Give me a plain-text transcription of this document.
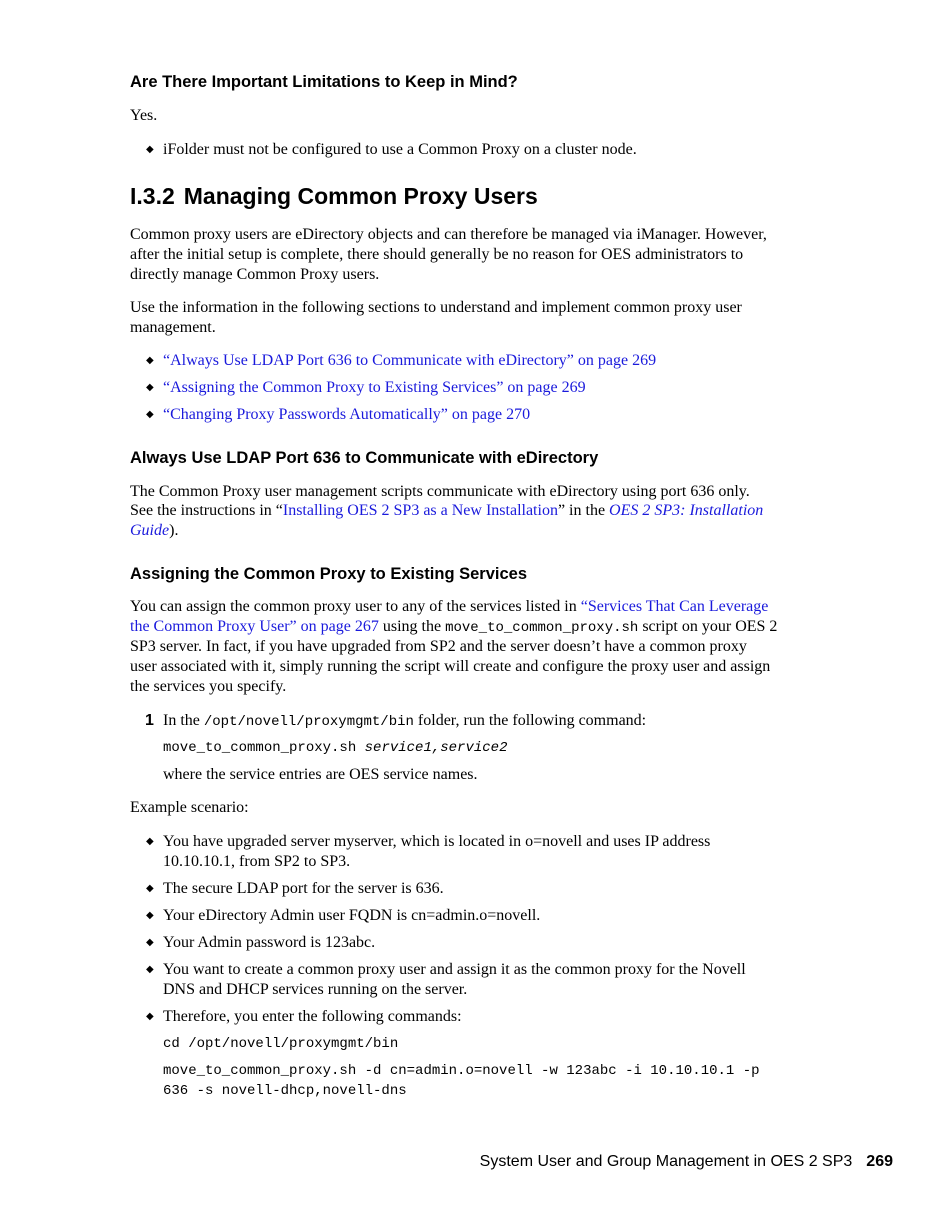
Are There Important Limitations to Keep in Mind?
Yes.
◆ iFolder must not be configured to use a Common Proxy on a cluster node.
I.3.2 Managing Common Proxy Users
Common proxy users are eDirectory objects and can therefore be managed via iManager. However,
after the initial setup is complete, there should generally be no reason for OES administrators to
directly manage Common Proxy users.
Use the information in the following sections to understand and implement common proxy user
management.
◆ “Always Use LDAP Port 636 to Communicate with eDirectory” on page 269
◆ “Assigning the Common Proxy to Existing Services” on page 269
◆ “Changing Proxy Passwords Automatically” on page 270
Always Use LDAP Port 636 to Communicate with eDirectory
The Common Proxy user management scripts communicate with eDirectory using port 636 only.
See the instructions in “Installing OES 2 SP3 as a New Installation” in the OES 2 SP3: Installation
Guide).
Assigning the Common Proxy to Existing Services
You can assign the common proxy user to any of the services listed in “Services That Can Leverage
the Common Proxy User” on page 267 using the move_to_common_proxy.sh script on your OES 2
SP3 server. In fact, if you have upgraded from SP2 and the server doesn’t have a common proxy
user associated with it, simply running the script will create and configure the proxy user and assign
the services you specify.
1 In the /opt/novell/proxymgmt/bin folder, run the following command:
move_to_common_proxy.sh service1,service2
where the service entries are OES service names.
Example scenario:
◆ You have upgraded server myserver, which is located in o=novell and uses IP address
10.10.10.1, from SP2 to SP3.
◆ The secure LDAP port for the server is 636.
◆ Your eDirectory Admin user FQDN is cn=admin.o=novell.
◆ Your Admin password is 123abc.
◆ You want to create a common proxy user and assign it as the common proxy for the Novell
DNS and DHCP services running on the server.
◆ Therefore, you enter the following commands:
cd /opt/novell/proxymgmt/bin
move_to_common_proxy.sh -d cn=admin.o=novell -w 123abc -i 10.10.10.1 -p
636 -s novell-dhcp,novell-dns
System User and Group Management in OES 2 SP3 269
